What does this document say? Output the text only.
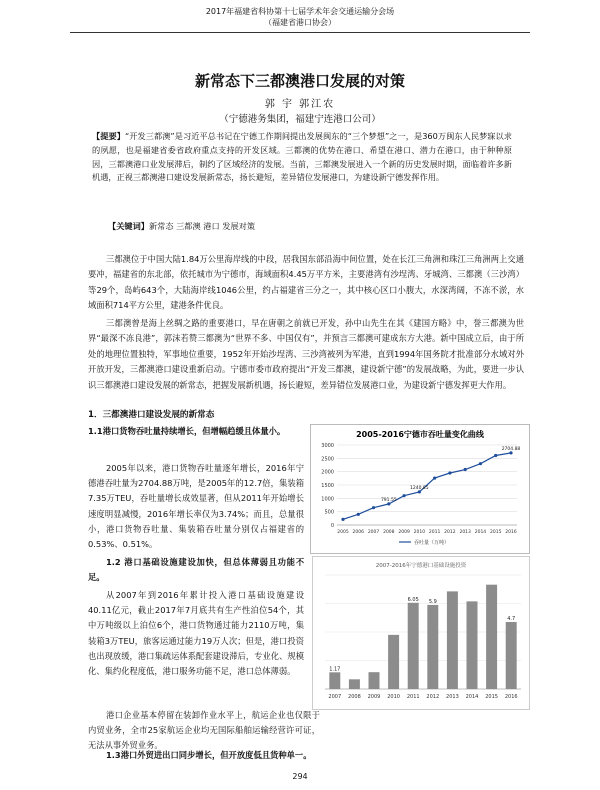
2017年福建省科协第十七届学术年会交通运输分会场
（福建省港口协会）
新常态下三都澳港口发展的对策
郭 宇 郭江农
（宁德港务集团，福建宁连港口公司）
【提要】“开发三都澳”是习近平总书记在宁德工作期间提出发展闽东的“三个梦想”之一，是360万闽东人民梦寐以求的夙愿，也是福建省委省政府重点支持的开发区域。三都澳的优势在港口、希望在港口、潜力在港口，由于种种原因，三都澳港口业发展滞后，制约了区域经济的发展。当前，三都澳发展进入一个新的历史发展时期，面临着许多新机遇，正视三都澳港口建设发展新常态，扬长避短，差异错位发展港口，为建设新宁德发挥作用。
【关键词】新常态 三都澳 港口 发展对策

三都澳位于中国大陆1.84万公里海岸线的中段，居我国东部沿海中间位置，处在长江三角洲和珠江三角洲两上交通要冲，福建省的东北部，依托城市为宁德市，海域面积4.45万平方米，主要港湾有沙埕湾、牙城湾、三都澳（三沙湾）等29个，岛屿643个，大陆海岸线1046公里，约占福建省三分之一，其中核心区口小腹大，水深湾阔，不冻不淤，水域面积714平方公里，建港条件优良。

三都澳曾是海上丝绸之路的重要港口，早在唐朝之前就已开发，孙中山先生在其《建国方略》中，誉三都澳为世界“最深不冻良港”，郭沫若赞三都澳为“世界不多、中国仅有”，并预言三都澳可建成东方大港。新中国成立后，由于所处的地理位置独特，军事地位重要，1952年开始沙埕湾、三沙湾被列为军港，直到1994年国务院才批准部分水域对外开放开发，三都澳港口建设重新启动。宁德市委市政府提出“开发三都澳，建设新宁德”的发展战略，为此，要进一步认识三都澳港口建设发展的新常态，把握发展新机遇，扬长避短，差异错位发展港口业，为建设新宁德发挥更大作用。

1．三都澳港口建设发展的新常态

1.1港口货物吞吐量持续增长，但增幅趋缓且体量小。

2005年以来，港口货物吞吐量逐年增长，2016年宁德港吞吐量为2704.88万吨，是2005年的12.7倍，集装箱7.35万TEU，吞吐量增长成效显著，但从2011年开始增长速度明显减慢，2016年增长率仅为3.74%；而且，总量很小，港口货物吞吐量、集装箱吞吐量分别仅占福建省的0.53%、0.51%。

1.2 港口基础设施建设加快，但总体薄弱且功能不足。

从2007年到2016年累计投入港口基础设施建设40.11亿元，截止2017年7月底共有生产性泊位54个，其中万吨级以上泊位6个，港口货物通过能力2110万吨，集装箱3万TEU，旅客运通过能力19万人次；但是，港口投资也出现放缓，港口集疏运体系配套建设滞后，专业化、规模化、集约化程度低，港口服务功能不足，港口总体薄弱。

港口企业基本停留在装卸作业水平上，航运企业也仅限于内贸业务，全市25家航运企业均无国际船舶运输经营许可证，无法从事外贸业务。

1.3港口外贸进出口同步增长，但开放度低且货种单一。

2005-2016宁德市吞吐量变化曲线
0
500
1000
1500
2000
2500
3000
2005 2006 2007 2008 2009 2010 2011 2012 2013 2014 2015 2016
791.55
1240.85
2704.88
吞吐量（万吨）
2007-2016年宁德港口基础设施投资
1.17
2007 2008 2009 2010
6.05
2011
5.9
2012 2013 2014 2015
4.7
2016
294
